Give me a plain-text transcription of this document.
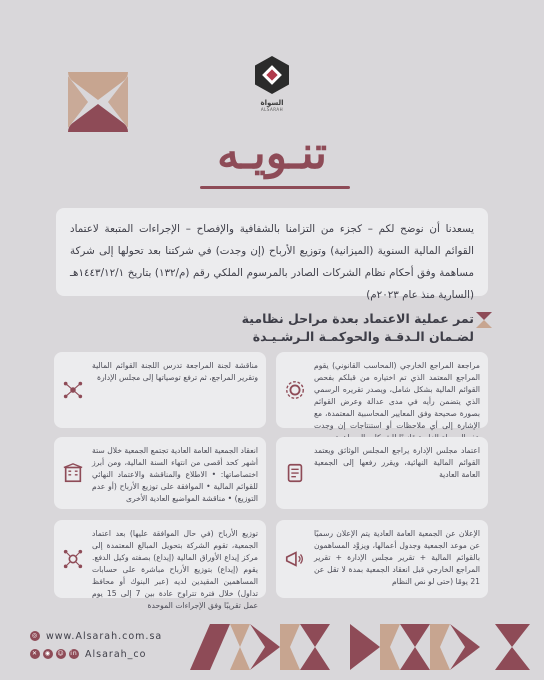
السواة
ALSARAH
تنـويـه
يسعدنا أن نوضح لكم – كجزء من التزامنا بالشفافية والإفصاح – الإجراءات المتبعة لاعتماد القوائم المالية السنوية (الميزانية) وتوزيع الأرباح (إن وجدت) في شركتنا بعد تحولها إلى شركة مساهمة وفق أحكام نظام الشركات الصادر بالمرسوم الملكي رقم (م/١٣٢) بتاريخ ١٤٤٣/١٢/١هـ (السارية منذ عام ٢٠٢٣م)
تمر عملية الاعتماد بعدة مراحل نظامية
لضـمان الـدقـة والحوكمـة الـرشـيـدة
مراجعة المراجع الخارجي (المحاسب القانوني) يقوم المراجع المعتمد الذي تم اختياره من قبلكم بفحص القوائم المالية بشكل شامل، ويصدر تقريره الرسمي الذي يتضمن رأيه في مدى عدالة وعرض القوائم بصورة صحيحة وفق المعايير المحاسبية المعتمدة، مع الإشارة إلى أي ملاحظات أو استنتاجات إن وجدت
مناقشة لجنة المراجعة تدرس اللجنة القوائم المالية وتقرير المراجع، ثم ترفع توصياتها إلى مجلس الإدارة
اعتماد مجلس الإدارة يراجع المجلس الوثائق ويعتمد القوائم المالية النهائية، ويقرر رفعها إلى الجمعية العامة العادية
انعقاد الجمعية العامة العادية تجتمع الجمعية خلال ستة أشهر كحد أقصى من انتهاء السنة المالية، ومن أبرز اختصاصاتها: • الاطلاع والمناقشة والاعتماد النهائي للقوائم المالية • الموافقة على توزيع الأرباح (أو عدم التوزيع) • مناقشة المواضيع العادية الأخرى
الإعلان عن الجمعية العامة العادية يتم الإعلان رسميًا عن موعد الجمعية وجدول أعمالها، ويزوَّد المساهمون بالقوائم المالية + تقرير مجلس الإدارة + تقرير المراجع الخارجي قبل انعقاد الجمعية بمدة لا تقل عن 21 يومًا (حتى لو نص النظام
توزيع الأرباح (في حال الموافقة عليها) بعد اعتماد الجمعية، تقوم الشركة بتحويل المبالغ المعتمدة إلى مركز إيداع الأوراق المالية (إيداع) بصفته وكيل الدفع. يقوم (إيداع) بتوزيع الأرباح مباشرة على حسابات المساهمين المقيدين لديه (عبر البنوك أو محافظ تداول) خلال فترة تتراوح عادة بين 7 إلى 15 يوم عمل تقريبًا وفق الإجراءات الموحدة
◎ www.Alsarah.com.sa
✕	◉	☺ in Alsarah_co
